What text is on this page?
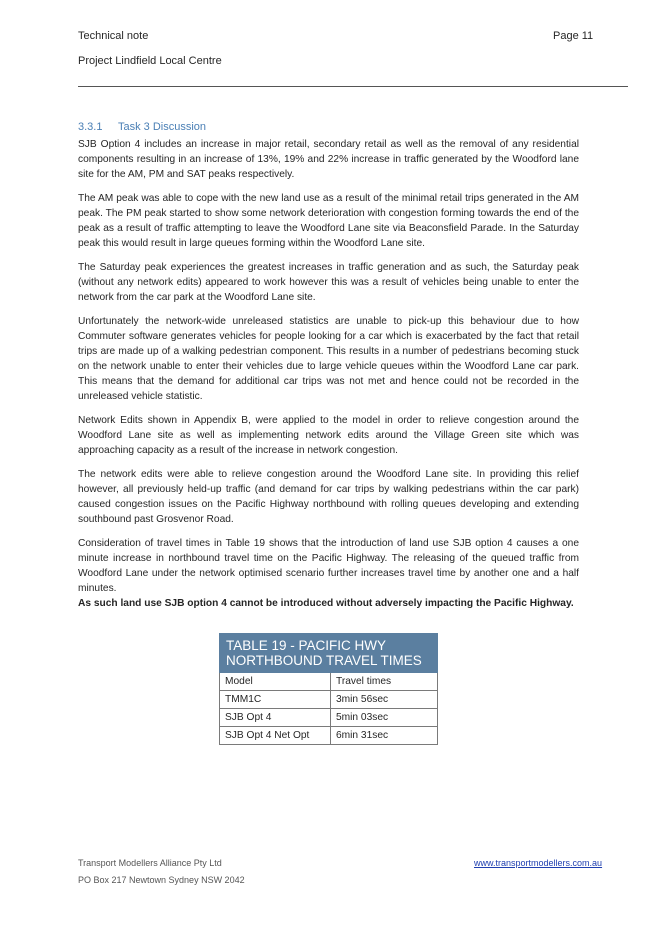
Technical note	Page 11
Project Lindfield Local Centre
3.3.1 Task 3 Discussion

SJB Option 4 includes an increase in major retail, secondary retail as well as the removal of any residential components resulting in an increase of 13%, 19% and 22% increase in traffic generated by the Woodford lane site for the AM, PM and SAT peaks respectively.

The AM peak was able to cope with the new land use as a result of the minimal retail trips generated in the AM peak. The PM peak started to show some network deterioration with congestion forming towards the end of the peak as a result of traffic attempting to leave the Woodford Lane site via Beaconsfield Parade. In the Saturday peak this would result in large queues forming within the Woodford Lane site.

The Saturday peak experiences the greatest increases in traffic generation and as such, the Saturday peak (without any network edits) appeared to work however this was a result of vehicles being unable to enter the network from the car park at the Woodford Lane site.

Unfortunately the network-wide unreleased statistics are unable to pick-up this behaviour due to how Commuter software generates vehicles for people looking for a car which is exacerbated by the fact that retail trips are made up of a walking pedestrian component. This results in a number of pedestrians becoming stuck on the network unable to enter their vehicles due to large vehicle queues within the Woodford Lane car park. This means that the demand for additional car trips was not met and hence could not be recorded in the unreleased vehicle statistic.

Network Edits shown in Appendix B, were applied to the model in order to relieve congestion around the Woodford Lane site as well as implementing network edits around the Village Green site which was approaching capacity as a result of the increase in network congestion.

The network edits were able to relieve congestion around the Woodford Lane site. In providing this relief however, all previously held-up traffic (and demand for car trips by walking pedestrians within the car park) caused congestion issues on the Pacific Highway northbound with rolling queues developing and extending southbound past Grosvenor Road.

Consideration of travel times in Table 19 shows that the introduction of land use SJB option 4 causes a one minute increase in northbound travel time on the Pacific Highway. The releasing of the queued traffic from Woodford Lane under the network optimised scenario further increases travel time by another one and a half minutes.

As such land use SJB option 4 cannot be introduced without adversely impacting the Pacific Highway.

TABLE 19 - PACIFIC HWY NORTHBOUND TRAVEL TIMES	
Model	Travel times
TMM1C	3min 56sec
SJB Opt 4	5min 03sec
SJB Opt 4 Net Opt	6min 31sec
Transport Modellers Alliance Pty Ltd
PO Box 217 Newtown Sydney NSW 2042
www.transportmodellers.com.au
